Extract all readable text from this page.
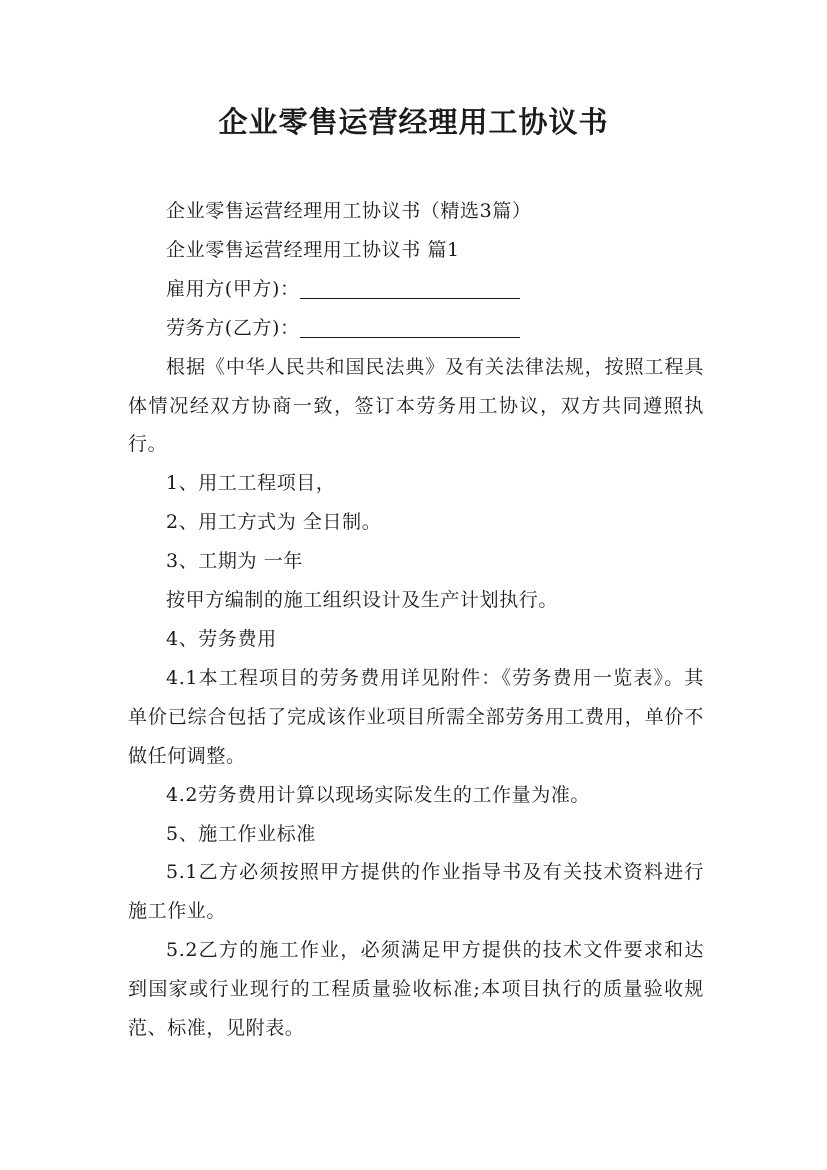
企业零售运营经理用工协议书

企业零售运营经理用工协议书（精选3篇）

企业零售运营经理用工协议书 篇1

雇用方(甲方)：

劳务方(乙方)：

根据《中华人民共和国民法典》及有关法律法规，按照工程具体情况经双方协商一致，签订本劳务用工协议，双方共同遵照执行。

1、用工工程项目，

2、用工方式为 全日制。

3、工期为 一年

按甲方编制的施工组织设计及生产计划执行。

4、劳务费用

4.1本工程项目的劳务费用详见附件：《劳务费用一览表》。其单价已综合包括了完成该作业项目所需全部劳务用工费用，单价不做任何调整。

4.2劳务费用计算以现场实际发生的工作量为准。

5、施工作业标准

5.1乙方必须按照甲方提供的作业指导书及有关技术资料进行施工作业。

5.2乙方的施工作业，必须满足甲方提供的技术文件要求和达到国家或行业现行的工程质量验收标准;本项目执行的质量验收规范、标准，见附表。
